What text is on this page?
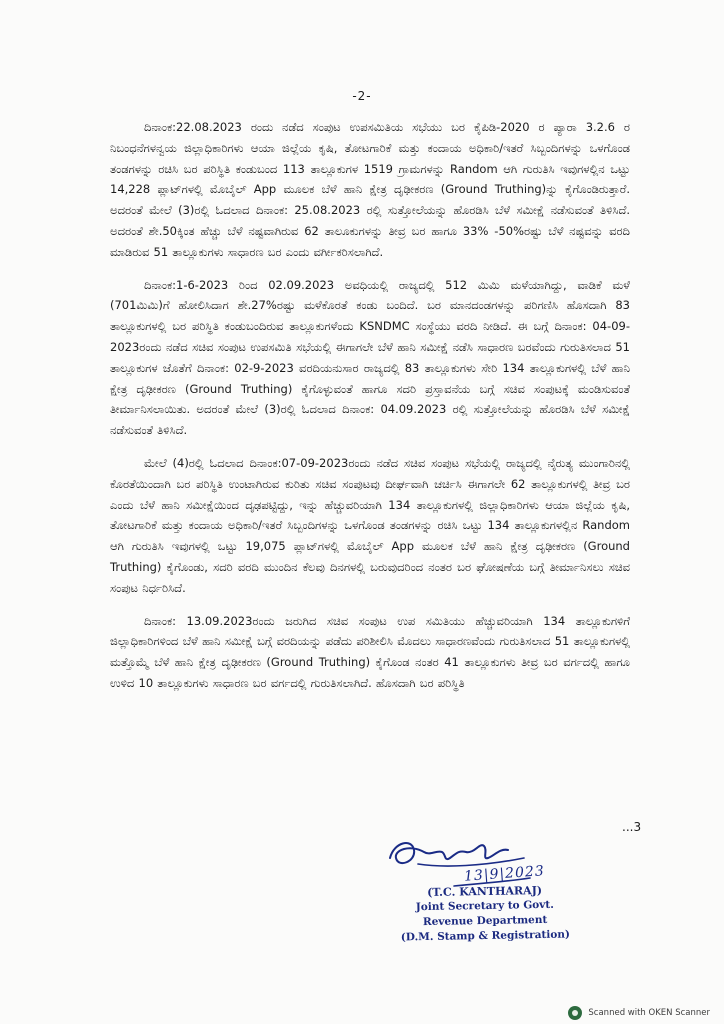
-2-

ದಿನಾಂಕ:22.08.2023 ರಂದು ನಡೆದ ಸಂಪುಟ ಉಪಸಮಿತಿಯ ಸಭೆಯು ಬರ ಕೈಪಿಡಿ-2020 ರ ಪ್ಯಾರಾ 3.2.6 ರ ನಿಬಂಧನೆಗಳನ್ವಯ ಜಿಲ್ಲಾಧಿಕಾರಿಗಳು ಆಯಾ ಜಿಲ್ಲೆಯ ಕೃಷಿ, ತೋಟಗಾರಿಕೆ ಮತ್ತು ಕಂದಾಯ ಅಧಿಕಾರಿ/ಇತರೆ ಸಿಬ್ಬಂದಿಗಳನ್ನು ಒಳಗೊಂಡ ತಂಡಗಳನ್ನು ರಚಿಸಿ ಬರ ಪರಿಸ್ಥಿತಿ ಕಂಡುಬಂದ 113 ತಾಲ್ಲೂಕುಗಳ 1519 ಗ್ರಾಮಗಳನ್ನು Random ಆಗಿ ಗುರುತಿಸಿ ಇವುಗಳಲ್ಲಿನ ಒಟ್ಟು 14,228 ಪ್ಲಾಟ್‌ಗಳಲ್ಲಿ ಮೊಬೈಲ್ App ಮೂಲಕ ಬೆಳೆ ಹಾನಿ ಕ್ಷೇತ್ರ ದೃಢೀಕರಣ (Ground Truthing)ನ್ನು ಕೈಗೊಂಡಿರುತ್ತಾರೆ. ಅದರಂತೆ ಮೇಲೆ (3)ರಲ್ಲಿ ಓದಲಾದ ದಿನಾಂಕ: 25.08.2023 ರಲ್ಲಿ ಸುತ್ತೋಲೆಯನ್ನು ಹೊರಡಿಸಿ ಬೆಳೆ ಸಮೀಕ್ಷೆ ನಡೆಸುವಂತೆ ತಿಳಿಸಿದೆ. ಅದರಂತೆ ಶೇ.50ಕ್ಕಿಂತ ಹೆಚ್ಚು ಬೆಳೆ ನಷ್ಟವಾಗಿರುವ 62 ತಾಲೂಕುಗಳನ್ನು ತೀವ್ರ ಬರ ಹಾಗೂ 33% -50%ರಷ್ಟು ಬೆಳೆ ನಷ್ಟವನ್ನು ವರದಿ ಮಾಡಿರುವ 51 ತಾಲ್ಲೂಕುಗಳು ಸಾಧಾರಣ ಬರ ಎಂದು ವರ್ಗೀಕರಿಸಲಾಗಿದೆ.

ದಿನಾಂಕ:1-6-2023 ರಿಂದ 02.09.2023 ಅವಧಿಯಲ್ಲಿ ರಾಜ್ಯದಲ್ಲಿ 512 ಮಿಮಿ ಮಳೆಯಾಗಿದ್ದು, ವಾಡಿಕೆ ಮಳೆ (701ಮಿಮಿ)ಗೆ ಹೋಲಿಸಿದಾಗ ಶೇ.27%ರಷ್ಟು ಮಳೆಕೊರತೆ ಕಂಡು ಬಂದಿದೆ. ಬರ ಮಾನದಂಡಗಳನ್ನು ಪರಿಗಣಿಸಿ ಹೊಸದಾಗಿ 83 ತಾಲ್ಲೂಕುಗಳಲ್ಲಿ ಬರ ಪರಿಸ್ಥಿತಿ ಕಂಡುಬಂದಿರುವ ತಾಲ್ಲೂಕುಗಳೆಂದು KSNDMC ಸಂಸ್ಥೆಯು ವರದಿ ನೀಡಿದೆ. ಈ ಬಗ್ಗೆ ದಿನಾಂಕ: 04-09-2023ರಂದು ನಡೆದ ಸಚಿವ ಸಂಪುಟ ಉಪಸಮಿತಿ ಸಭೆಯಲ್ಲಿ ಈಗಾಗಲೇ ಬೆಳೆ ಹಾನಿ ಸಮೀಕ್ಷೆ ನಡೆಸಿ ಸಾಧಾರಣ ಬರವೆಂದು ಗುರುತಿಸಲಾದ 51 ತಾಲ್ಲೂಕುಗಳ ಜೊತೆಗೆ ದಿನಾಂಕ: 02-9-2023 ವರದಿಯನುಸಾರ ರಾಜ್ಯದಲ್ಲಿ 83 ತಾಲ್ಲೂಕುಗಳು ಸೇರಿ 134 ತಾಲ್ಲೂಕುಗಳಲ್ಲಿ ಬೆಳೆ ಹಾನಿ ಕ್ಷೇತ್ರ ದೃಢೀಕರಣ (Ground Truthing) ಕೈಗೊಳ್ಳುವಂತೆ ಹಾಗೂ ಸದರಿ ಪ್ರಸ್ತಾವನೆಯ ಬಗ್ಗೆ ಸಚಿವ ಸಂಪುಟಕ್ಕೆ ಮಂಡಿಸುವಂತೆ ತೀರ್ಮಾನಿಸಲಾಯಿತು. ಅದರಂತೆ ಮೇಲೆ (3)ರಲ್ಲಿ ಓದಲಾದ ದಿನಾಂಕ: 04.09.2023 ರಲ್ಲಿ ಸುತ್ತೋಲೆಯನ್ನು ಹೊರಡಿಸಿ ಬೆಳೆ ಸಮೀಕ್ಷೆ ನಡೆಸುವಂತೆ ತಿಳಿಸಿದೆ.

ಮೇಲೆ (4)ರಲ್ಲಿ ಓದಲಾದ ದಿನಾಂಕ:07-09-2023ರಂದು ನಡೆದ ಸಚಿವ ಸಂಪುಟ ಸಭೆಯಲ್ಲಿ ರಾಜ್ಯದಲ್ಲಿ ನೈರುತ್ಯ ಮುಂಗಾರಿನಲ್ಲಿ ಕೊರತೆಯಿಂದಾಗಿ ಬರ ಪರಿಸ್ಥಿತಿ ಉಂಟಾಗಿರುವ ಕುರಿತು ಸಚಿವ ಸಂಪುಟವು ದೀರ್ಘವಾಗಿ ಚರ್ಚಿಸಿ ಈಗಾಗಲೇ 62 ತಾಲ್ಲೂಕುಗಳಲ್ಲಿ ತೀವ್ರ ಬರ ಎಂದು ಬೆಳೆ ಹಾನಿ ಸಮೀಕ್ಷೆಯಿಂದ ದೃಢಪಟ್ಟಿದ್ದು, ಇನ್ನು ಹೆಚ್ಚುವರಿಯಾಗಿ 134 ತಾಲ್ಲೂಕುಗಳಲ್ಲಿ ಜಿಲ್ಲಾಧಿಕಾರಿಗಳು ಆಯಾ ಜಿಲ್ಲೆಯ ಕೃಷಿ, ತೋಟಗಾರಿಕೆ ಮತ್ತು ಕಂದಾಯ ಅಧಿಕಾರಿ/ಇತರೆ ಸಿಬ್ಬಂದಿಗಳನ್ನು ಒಳಗೊಂಡ ತಂಡಗಳನ್ನು ರಚಿಸಿ ಒಟ್ಟು 134 ತಾಲ್ಲೂಕುಗಳಲ್ಲಿನ Random ಆಗಿ ಗುರುತಿಸಿ ಇವುಗಳಲ್ಲಿ ಒಟ್ಟು 19,075 ಪ್ಲಾಟ್‌ಗಳಲ್ಲಿ ಮೊಬೈಲ್ App ಮೂಲಕ ಬೆಳೆ ಹಾನಿ ಕ್ಷೇತ್ರ ದೃಢೀಕರಣ (Ground Truthing) ಕೈಗೊಂಡು, ಸದರಿ ವರದಿ ಮುಂದಿನ ಕೆಲವು ದಿನಗಳಲ್ಲಿ ಬರುವುದರಿಂದ ನಂತರ ಬರ ಘೋಷಣೆಯ ಬಗ್ಗೆ ತೀರ್ಮಾನಿಸಲು ಸಚಿವ ಸಂಪುಟ ನಿರ್ಧರಿಸಿದೆ.

ದಿನಾಂಕ: 13.09.2023ರಂದು ಜರುಗಿದ ಸಚಿವ ಸಂಪುಟ ಉಪ ಸಮಿತಿಯು ಹೆಚ್ಚುವರಿಯಾಗಿ 134 ತಾಲ್ಲೂಕುಗಳಿಗೆ ಜಿಲ್ಲಾಧಿಕಾರಿಗಳಿಂದ ಬೆಳೆ ಹಾನಿ ಸಮೀಕ್ಷೆ ಬಗ್ಗೆ ವರದಿಯನ್ನು ಪಡೆದು ಪರಿಶೀಲಿಸಿ ಮೊದಲು ಸಾಧಾರಣವೆಂದು ಗುರುತಿಸಲಾದ 51 ತಾಲ್ಲೂಕುಗಳಲ್ಲಿ ಮತ್ತೊಮ್ಮೆ ಬೆಳೆ ಹಾನಿ ಕ್ಷೇತ್ರ ದೃಢೀಕರಣ (Ground Truthing) ಕೈಗೊಂಡ ನಂತರ 41 ತಾಲ್ಲೂಕುಗಳು ತೀವ್ರ ಬರ ವರ್ಗದಲ್ಲಿ ಹಾಗೂ ಉಳಿದ 10 ತಾಲ್ಲೂಕುಗಳು ಸಾಧಾರಣ ಬರ ವರ್ಗದಲ್ಲಿ ಗುರುತಿಸಲಾಗಿದೆ. ಹೊಸದಾಗಿ ಬರ ಪರಿಸ್ಥಿತಿ

...3
13|9|2023
(T.C. KANTHARAJ)
Joint Secretary to Govt.
Revenue Department
(D.M. Stamp & Registration)
Scanned with OKEN Scanner
